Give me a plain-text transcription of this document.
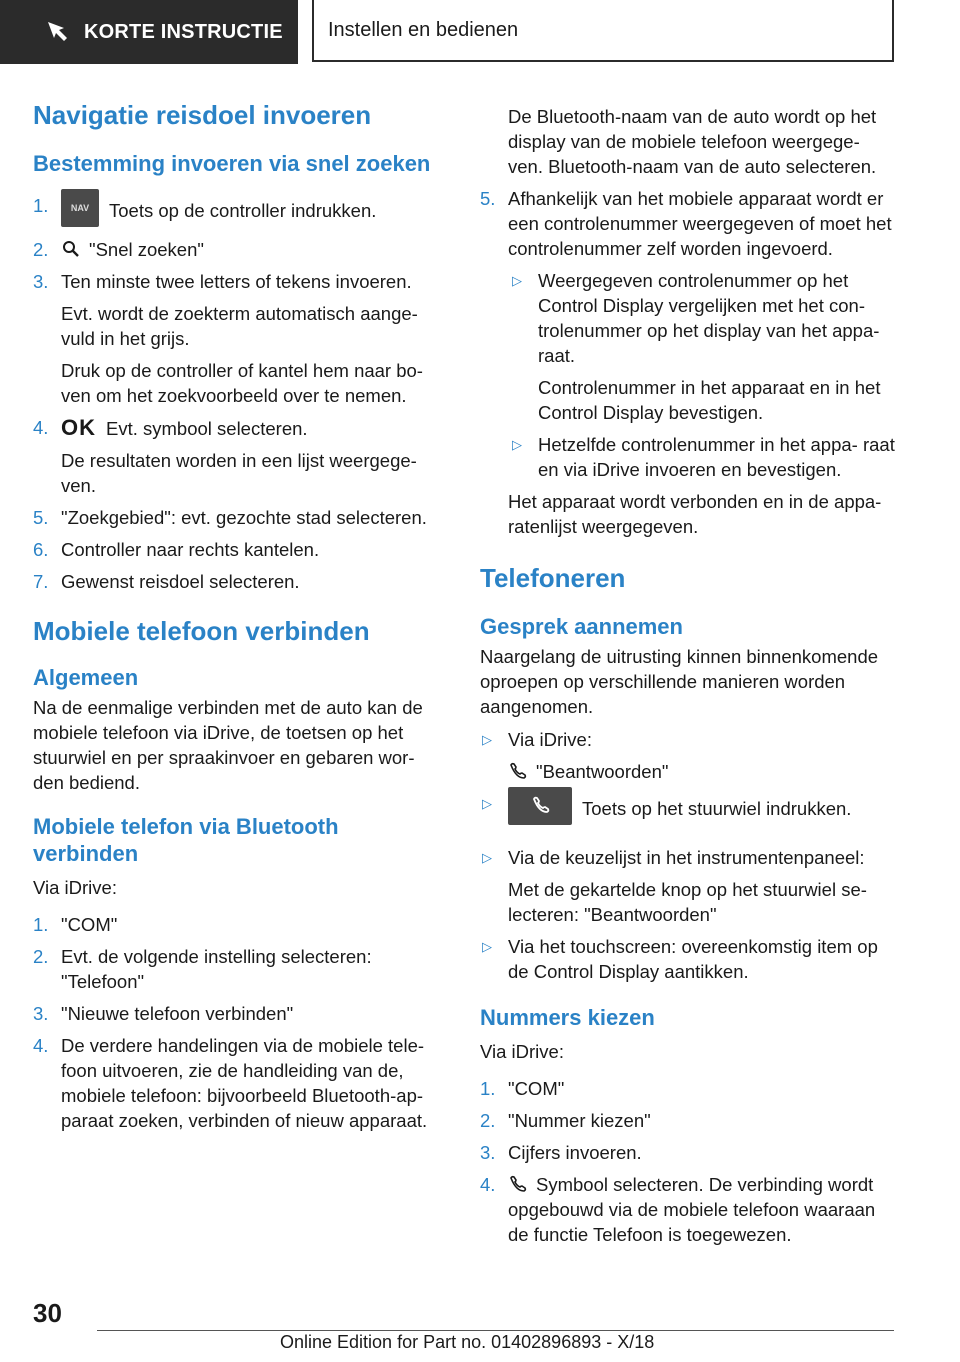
KORTE INSTRUCTIE Instellen en bedienen
Navigatie reisdoel invoeren
Bestemming invoeren via snel zoeken
1. NAV Toets op de controller indrukken.
2. "Snel zoeken"
3. Ten minste twee letters of tekens invoeren.
Evt. wordt de zoekterm automatisch aange- vuld in het grijs.
Druk op de controller of kantel hem naar bo- ven om het zoekvoorbeeld over te nemen.
4. OK Evt. symbool selecteren.
De resultaten worden in een lijst weergege- ven.
5. "Zoekgebied": evt. gezochte stad selecteren.
6. Controller naar rechts kantelen.
7. Gewenst reisdoel selecteren.
Mobiele telefoon verbinden
Algemeen

Na de eenmalige verbinden met de auto kan de mobiele telefoon via iDrive, de toetsen op het stuurwiel en per spraakinvoer en gebaren wor- den bediend.

Mobiele telefon via Bluetooth verbinden

Via iDrive:

1. "COM"
2. Evt. de volgende instelling selecteren: "Telefoon"
3. "Nieuwe telefoon verbinden"
4. De verdere handelingen via de mobiele tele- foon uitvoeren, zie de handleiding van de, mobiele telefoon: bijvoorbeeld Bluetooth-ap- paraat zoeken, verbinden of nieuw apparaat.
De Bluetooth-naam van de auto wordt op het display van de mobiele telefoon weergege- ven. Bluetooth-naam van de auto selecteren.
5. Afhankelijk van het mobiele apparaat wordt er een controlenummer weergegeven of moet het controlenummer zelf worden ingevoerd.
▷ Weergegeven controlenummer op het Control Display vergelijken met het con- trolenummer op het display van het appa- raat.
Controlenummer in het apparaat en in het Control Display bevestigen.
▷ Hetzelfde controlenummer in het appa- raat en via iDrive invoeren en bevestigen.
Het apparaat wordt verbonden en in de appa- ratenlijst weergegeven.
Telefoneren
Gesprek aannemen

Naargelang de uitrusting kinnen binnenkomende oproepen op verschillende manieren worden aangenomen.

▷ Via iDrive:
"Beantwoorden"
▷	Toets op het stuurwiel indrukken.
▷ Via de keuzelijst in het instrumentenpaneel:
Met de gekartelde knop op het stuurwiel se- lecteren: "Beantwoorden"
▷ Via het touchscreen: overeenkomstig item op de Control Display aantikken.
Nummers kiezen

Via iDrive:

1. "COM"
2. "Nummer kiezen"
3. Cijfers invoeren.
4. Symbool selecteren. De verbinding wordt opgebouwd via de mobiele telefoon waaraan de functie Telefoon is toegewezen.
30
Online Edition for Part no. 01402896893 - X/18
